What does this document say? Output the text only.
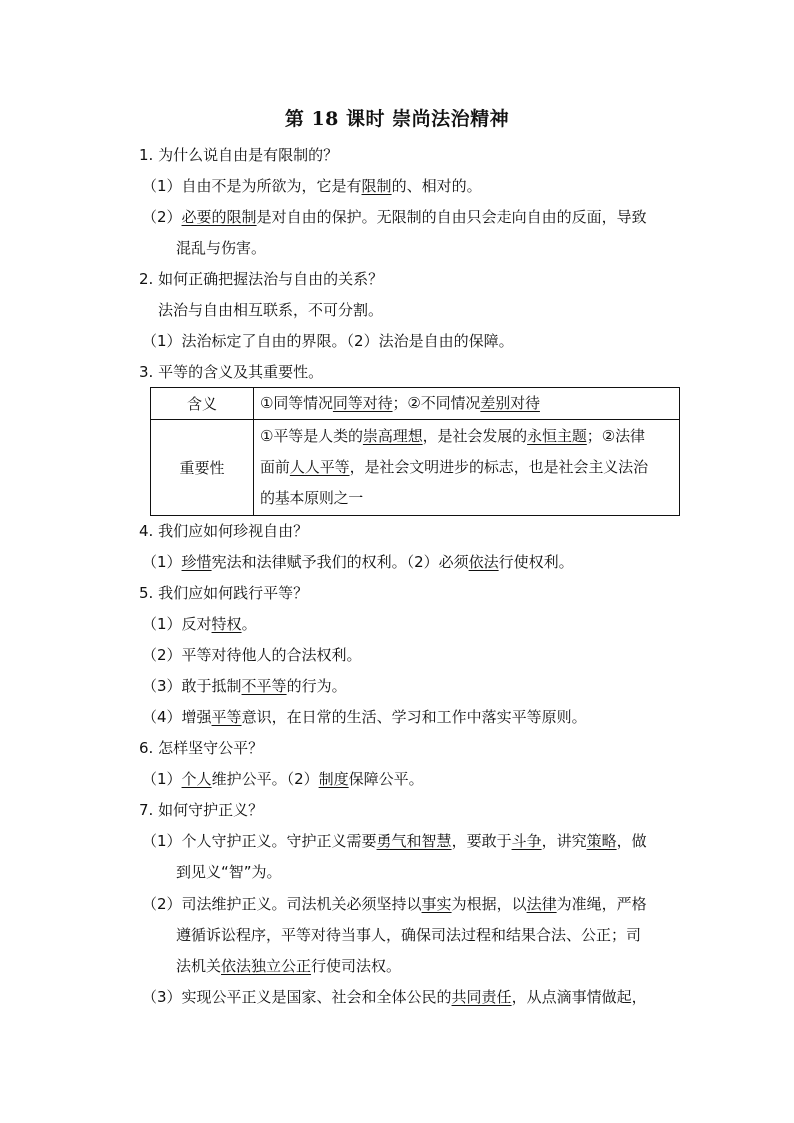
第 18 课时 崇尚法治精神
1. 为什么说自由是有限制的？
（1）自由不是为所欲为，它是有限制的、相对的。
（2）必要的限制是对自由的保护。无限制的自由只会走向自由的反面，导致
混乱与伤害。
2. 如何正确把握法治与自由的关系？
法治与自由相互联系，不可分割。
（1）法治标定了自由的界限。（2）法治是自由的保障。
3. 平等的含义及其重要性。
含义	①同等情况同等对待；②不同情况差别对待

重要性	①平等是人类的崇高理想，是社会发展的永恒主题；②法律
面前人人平等，是社会文明进步的标志，也是社会主义法治
的基本原则之一
4. 我们应如何珍视自由？
（1）珍惜宪法和法律赋予我们的权利。（2）必须依法行使权利。
5. 我们应如何践行平等？
（1）反对特权。
（2）平等对待他人的合法权利。
（3）敢于抵制不平等的行为。
（4）增强平等意识，在日常的生活、学习和工作中落实平等原则。
6. 怎样坚守公平？
（1）个人维护公平。（2）制度保障公平。
7. 如何守护正义？
（1）个人守护正义。守护正义需要勇气和智慧，要敢于斗争，讲究策略，做
到见义“智”为。
（2）司法维护正义。司法机关必须坚持以事实为根据，以法律为准绳，严格
遵循诉讼程序，平等对待当事人，确保司法过程和结果合法、公正；司
法机关依法独立公正行使司法权。
（3）实现公平正义是国家、社会和全体公民的共同责任，从点滴事情做起，
